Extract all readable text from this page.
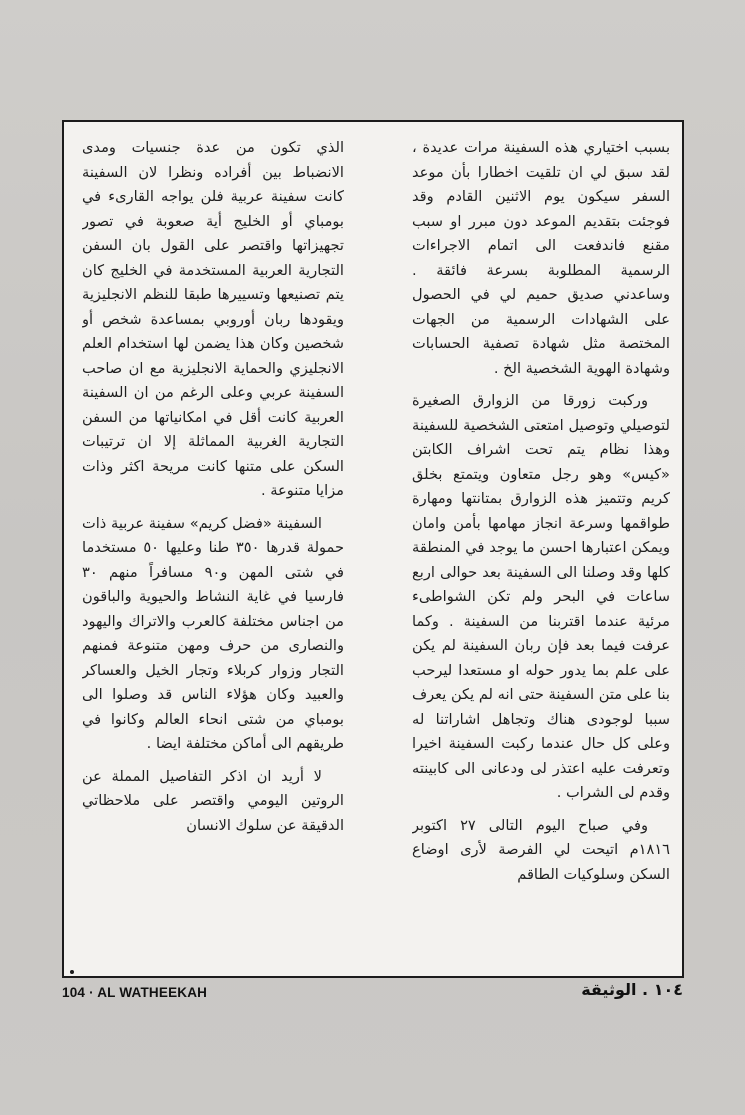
بسبب اختياري هذه السفينة مرات عديدة ، لقد سبق لي ان تلقيت اخطارا بأن موعد السفر سيكون يوم الاثنين القادم وقد فوجئت بتقديم الموعد دون مبرر او سبب مقنع فاندفعت الى اتمام الاجراءات الرسمية المطلوبة بسرعة فائقة . وساعدني صديق حميم لي في الحصول على الشهادات الرسمية من الجهات المختصة مثل شهادة تصفية الحسابات وشهادة الهوية الشخصية الخ .

وركبت زورقا من الزوارق الصغيرة لتوصيلي وتوصيل امتعتى الشخصية للسفينة وهذا نظام يتم تحت اشراف الكابتن «كيس» وهو رجل متعاون ويتمتع بخلق كريم وتتميز هذه الزوارق بمتانتها ومهارة طواقمها وسرعة انجاز مهامها بأمن وامان ويمكن اعتبارها احسن ما يوجد في المنطقة كلها وقد وصلنا الى السفينة بعد حوالى اربع ساعات في البحر ولم تكن الشواطىء مرئية عندما اقتربنا من السفينة . وكما عرفت فيما بعد فإن ربان السفينة لم يكن على علم بما يدور حوله او مستعدا ليرحب بنا على متن السفينة حتى انه لم يكن يعرف سببا لوجودى هناك وتجاهل اشاراتنا له وعلى كل حال عندما ركبت السفينة اخيرا وتعرفت عليه اعتذر لى ودعانى الى كابينته وقدم لى الشراب .

وفي صباح اليوم التالى ٢٧ اكتوبر ١٨١٦م اتيحت لي الفرصة لأرى اوضاع السكن وسلوكيات الطاقم

الذي تكون من عدة جنسيات ومدى الانضباط بين أفراده ونظرا لان السفينة كانت سفينة عربية فلن يواجه القارىء في بومباي أو الخليج أية صعوبة في تصور تجهيزاتها واقتصر على القول بان السفن التجارية العربية المستخدمة في الخليج كان يتم تصنيعها وتسييرها طبقا للنظم الانجليزية ويقودها ربان أوروبي بمساعدة شخص أو شخصين وكان هذا يضمن لها استخدام العلم الانجليزي والحماية الانجليزية مع ان صاحب السفينة عربي وعلى الرغم من ان السفينة العربية كانت أقل في امكانياتها من السفن التجارية الغربية المماثلة إلا ان ترتيبات السكن على متنها كانت مريحة اكثر وذات مزايا متنوعة .

السفينة «فضل كريم» سفينة عربية ذات حمولة قدرها ٣٥٠ طنا وعليها ٥٠ مستخدما في شتى المهن و٩٠ مسافراً منهم ٣٠ فارسيا في غاية النشاط والحيوية والباقون من اجناس مختلفة كالعرب والاتراك واليهود والنصارى من حرف ومهن متنوعة فمنهم التجار وزوار كربلاء وتجار الخيل والعساكر والعبيد وكان هؤلاء الناس قد وصلوا الى بومباي من شتى انحاء العالم وكانوا في طريقهم الى أماكن مختلفة ايضا .

لا أريد ان اذكر التفاصيل المملة عن الروتين اليومي واقتصر على ملاحظاتي الدقيقة عن سلوك الانسان

104 · AL WATHEEKAH	١٠٤ . الوثيقة
